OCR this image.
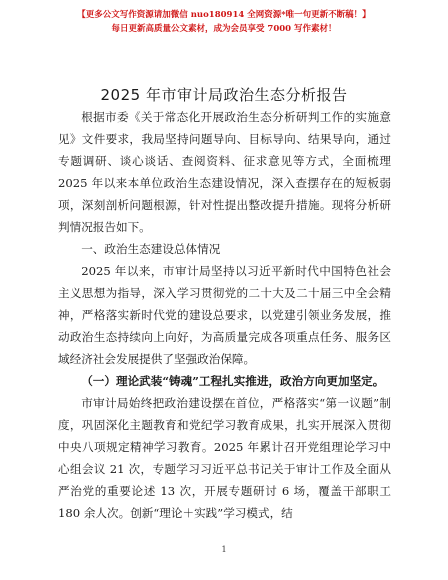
【更多公文写作资源请加微信 nuo180914 全网资源*唯一句更新不断稿！】
每日更新高质量公文素材，成为会员享受 7000 写作素材！
2025 年市审计局政治生态分析报告

根据市委《关于常态化开展政治生态分析研判工作的实施意见》文件要求，我局坚持问题导向、目标导向、结果导向，通过专题调研、谈心谈话、查阅资料、征求意见等方式，全面梳理 2025 年以来本单位政治生态建设情况，深入查摆存在的短板弱项，深刻剖析问题根源，针对性提出整改提升措施。现将分析研判情况报告如下。

一、政治生态建设总体情况

2025 年以来，市审计局坚持以习近平新时代中国特色社会主义思想为指导，深入学习贯彻党的二十大及二十届三中全会精神，严格落实新时代党的建设总要求，以党建引领业务发展，推动政治生态持续向上向好，为高质量完成各项重点任务、服务区域经济社会发展提供了坚强政治保障。

（一）理论武装“铸魂”工程扎实推进，政治方向更加坚定。

市审计局始终把政治建设摆在首位，严格落实“第一议题”制度，巩固深化主题教育和党纪学习教育成果，扎实开展深入贯彻中央八项规定精神学习教育。2025 年累计召开党组理论学习中心组会议 21 次，专题学习习近平总书记关于审计工作及全面从严治党的重要论述 13 次，开展专题研讨 6 场，覆盖干部职工 180 余人次。创新“理论＋实践”学习模式，结

1
